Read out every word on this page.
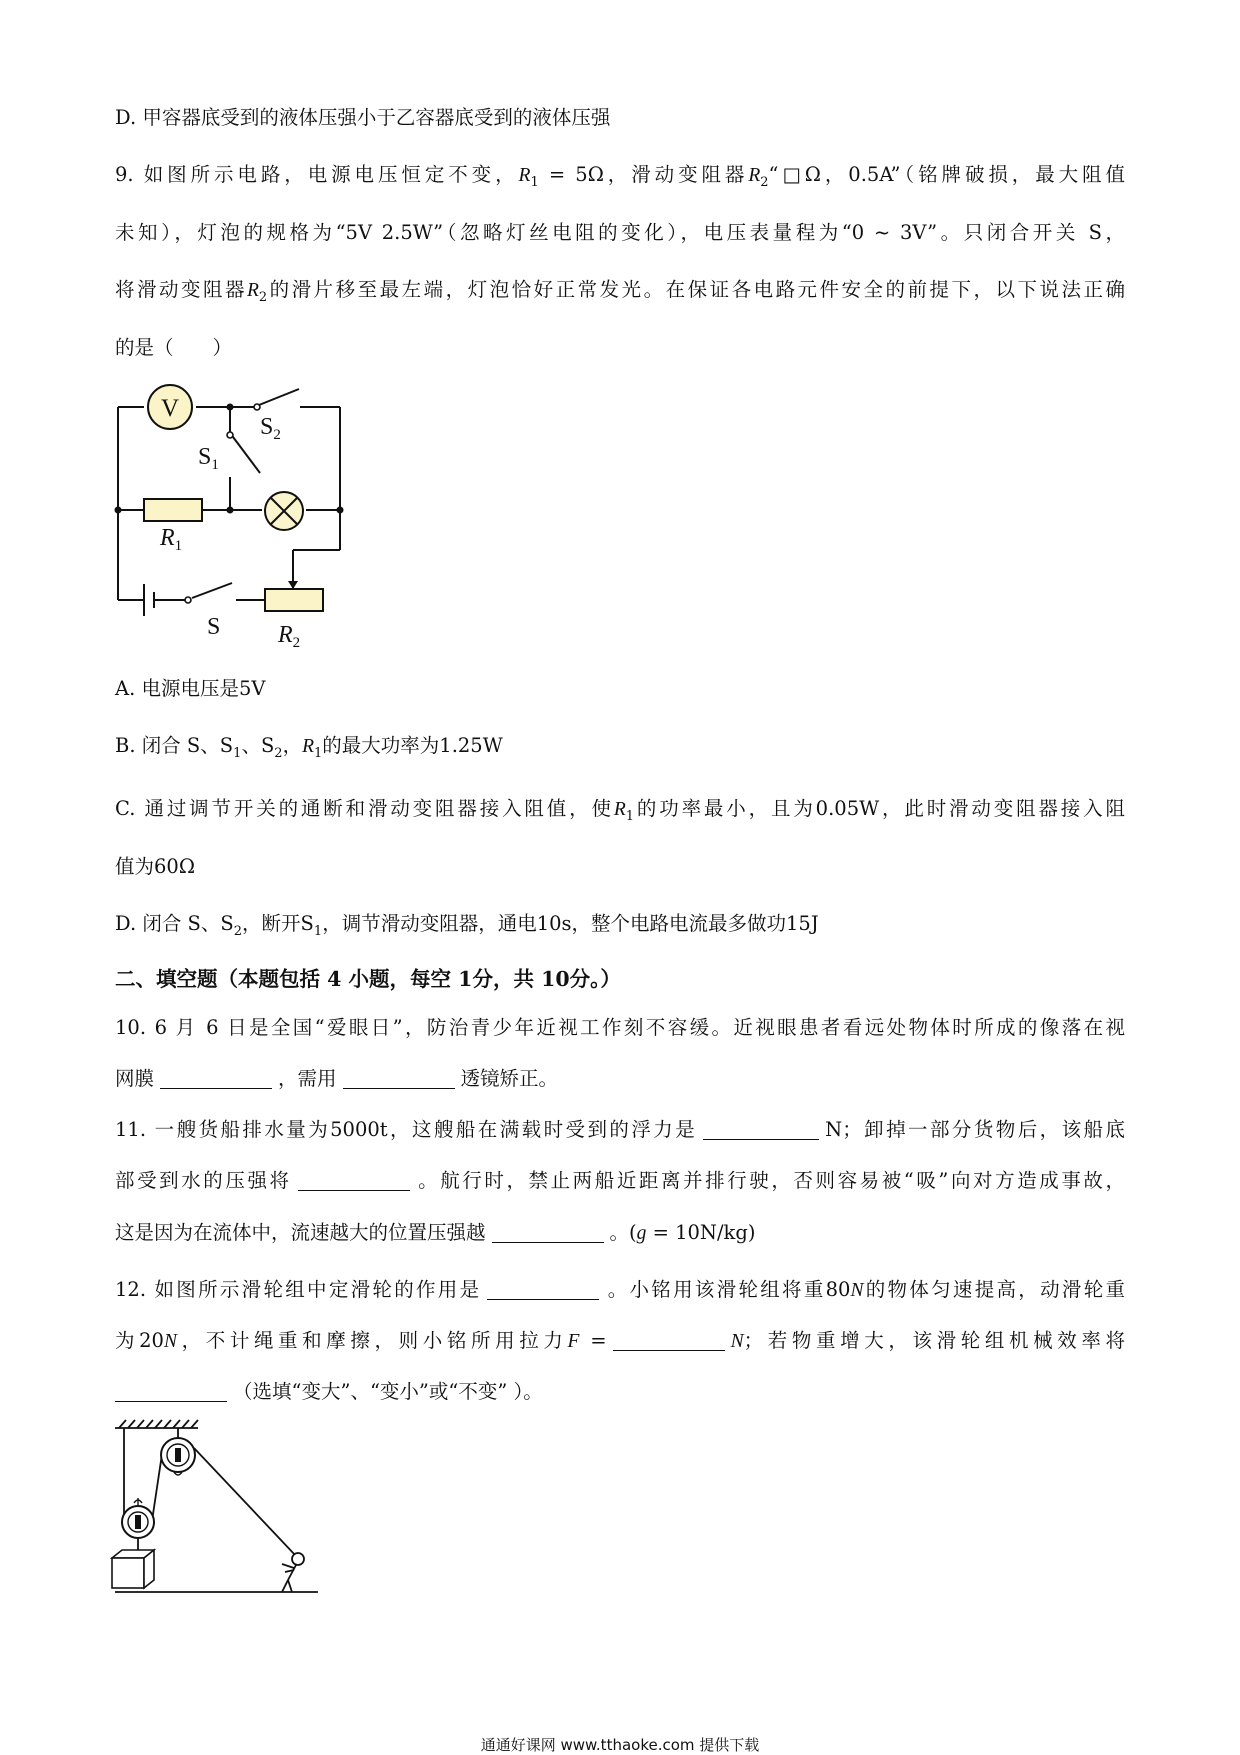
D. 甲容器底受到的液体压强小于乙容器底受到的液体压强
9. 如图所示电路，电源电压恒定不变，$R_1 = 5\Omega$，滑动变阻器$R_2“□\Omega$，0.5A”（铭牌破损，最大阻值
未知），灯泡的规格为“5V 2.5W”（忽略灯丝电阻的变化），电压表量程为“0 ~ 3V”。只闭合开关 S，
将滑动变阻器$R_2$的滑片移至最左端，灯泡恰好正常发光。在保证各电路元件安全的前提下，以下说法正确
的是（　　）
V
$S_2$
$S_1$
$R_1$
S $R_2$
A. 电源电压是5V
B. 闭合 S、$S_1$、$S_2$，$R_1$的最大功率为1.25W
C. 通过调节开关的通断和滑动变阻器接入阻值，使$R_1$的功率最小，且为0.05W，此时滑动变阻器接入阻
值为60Ω
D. 闭合 S、$S_2$，断开$S_1$，调节滑动变阻器，通电10s，整个电路电流最多做功15J
二、填空题（本题包括 4 小题，每空 1分，共 10分。）
10. 6 月 6 日是全国“爱眼日”，防治青少年近视工作刻不容缓。近视眼患者看远处物体时所成的像落在视
网膜	，需用	透镜矫正。
11. 一艘货船排水量为5000t，这艘船在满载时受到的浮力是	N；卸掉一部分货物后，该船底
部受到水的压强将	。航行时，禁止两船近距离并排行驶，否则容易被“吸”向对方造成事故，
这是因为在流体中，流速越大的位置压强越	。(g = 10N/kg)
12. 如图所示滑轮组中定滑轮的作用是	。小铭用该滑轮组将重80N的物体匀速提高，动滑轮重
为20N，不计绳重和摩擦，则小铭所用拉力F =	N；若物重增大，该滑轮组机械效率将
（选填“变大”、“变小”或“不变” ）。
通通好课网 www.tthaoke.com 提供下载
